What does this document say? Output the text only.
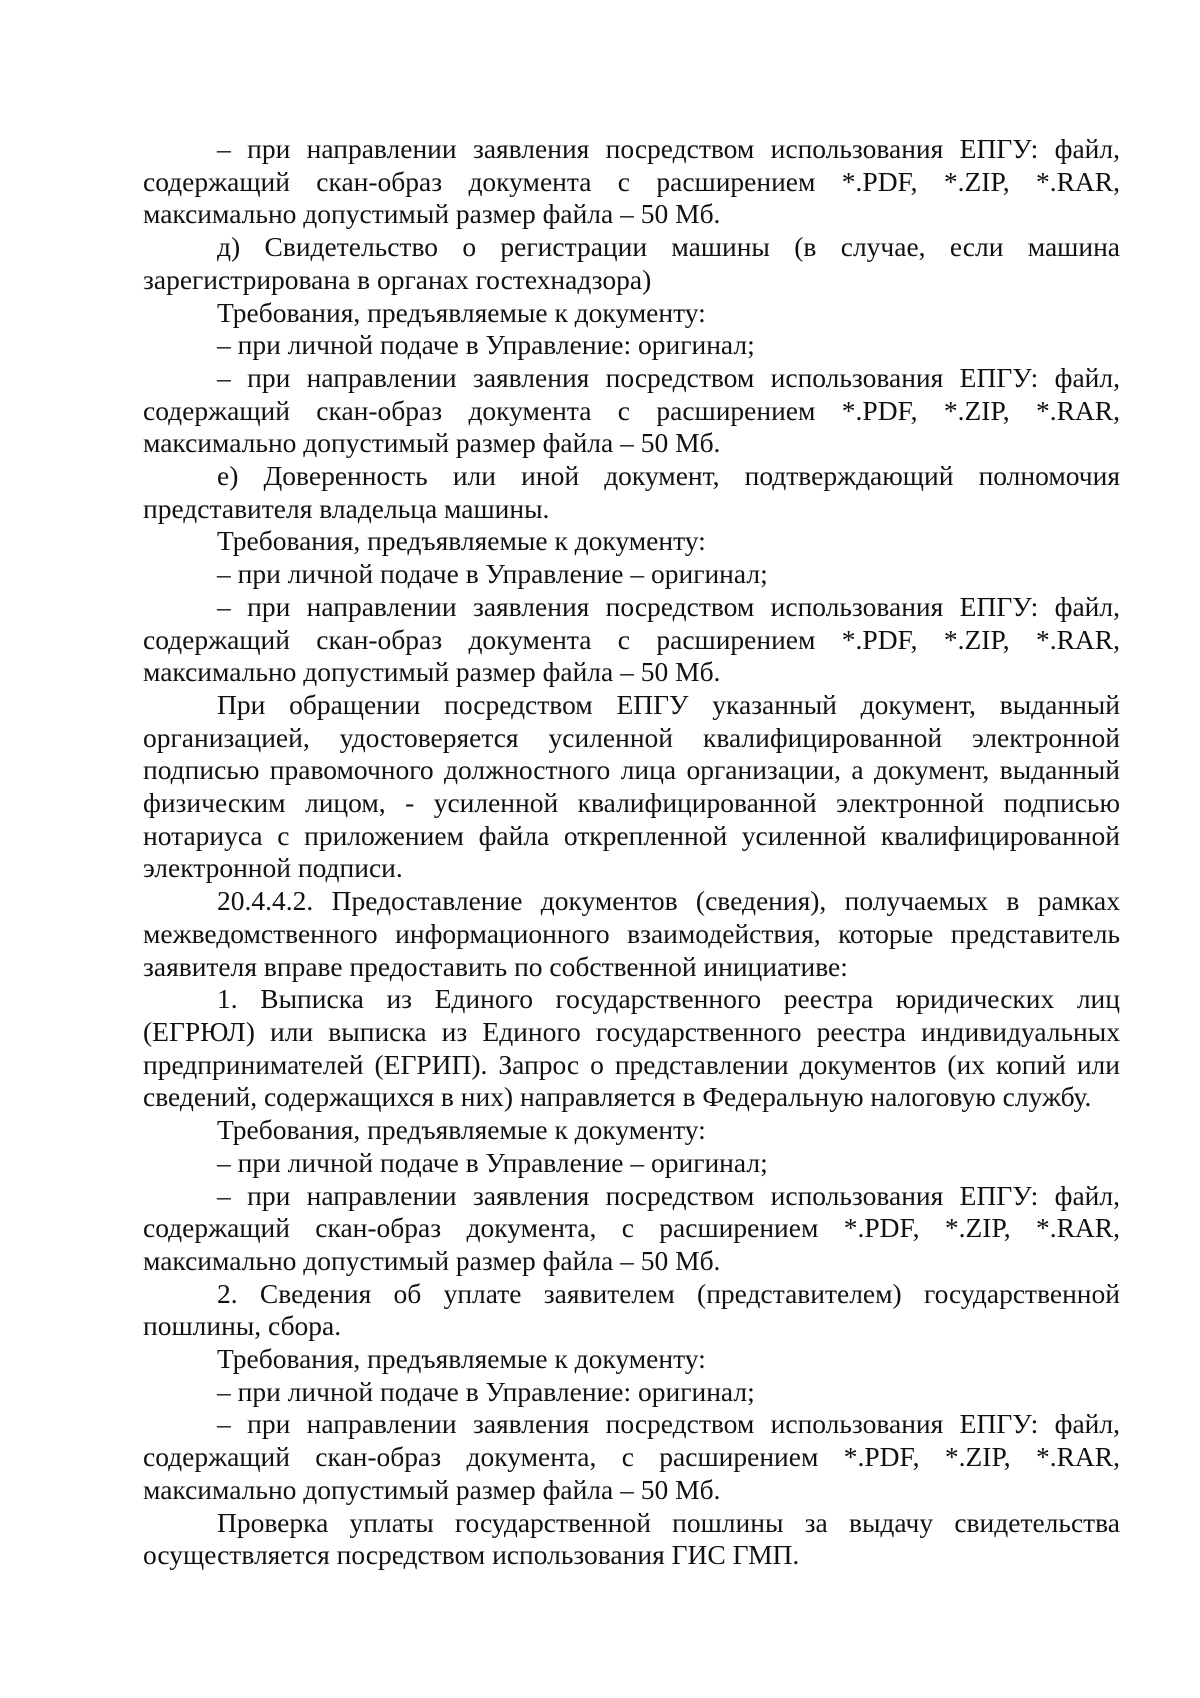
– при направлении заявления посредством использования ЕПГУ: файл, содержащий скан-образ документа с расширением *.PDF, *.ZIP, *.RAR, максимально допустимый размер файла – 50 Мб.

д) Свидетельство о регистрации машины (в случае, если машина зарегистрирована в органах гостехнадзора)

Требования, предъявляемые к документу:

– при личной подаче в Управление: оригинал;

– при направлении заявления посредством использования ЕПГУ: файл, содержащий скан-образ документа с расширением *.PDF, *.ZIP, *.RAR, максимально допустимый размер файла – 50 Мб.

е) Доверенность или иной документ, подтверждающий полномочия представителя владельца машины.

Требования, предъявляемые к документу:

– при личной подаче в Управление – оригинал;

– при направлении заявления посредством использования ЕПГУ: файл, содержащий скан-образ документа с расширением *.PDF, *.ZIP, *.RAR, максимально допустимый размер файла – 50 Мб.

При обращении посредством ЕПГУ указанный документ, выданный организацией, удостоверяется усиленной квалифицированной электронной подписью правомочного должностного лица организации, а документ, выданный физическим лицом, - усиленной квалифицированной электронной подписью нотариуса с приложением файла открепленной усиленной квалифицированной электронной подписи.

20.4.4.2. Предоставление документов (сведения), получаемых в рамках межведомственного информационного взаимодействия, которые представитель заявителя вправе предоставить по собственной инициативе:

1. Выписка из Единого государственного реестра юридических лиц (ЕГРЮЛ) или выписка из Единого государственного реестра индивидуальных предпринимателей (ЕГРИП). Запрос о представлении документов (их копий или сведений, содержащихся в них) направляется в Федеральную налоговую службу.

Требования, предъявляемые к документу:

– при личной подаче в Управление – оригинал;

– при направлении заявления посредством использования ЕПГУ: файл, содержащий скан-образ документа, с расширением *.PDF, *.ZIP, *.RAR, максимально допустимый размер файла – 50 Мб.

2. Сведения об уплате заявителем (представителем) государственной пошлины, сбора.

Требования, предъявляемые к документу:

– при личной подаче в Управление: оригинал;

– при направлении заявления посредством использования ЕПГУ: файл, содержащий скан-образ документа, с расширением *.PDF, *.ZIP, *.RAR, максимально допустимый размер файла – 50 Мб.

Проверка уплаты государственной пошлины за выдачу свидетельства осуществляется посредством использования ГИС ГМП.
